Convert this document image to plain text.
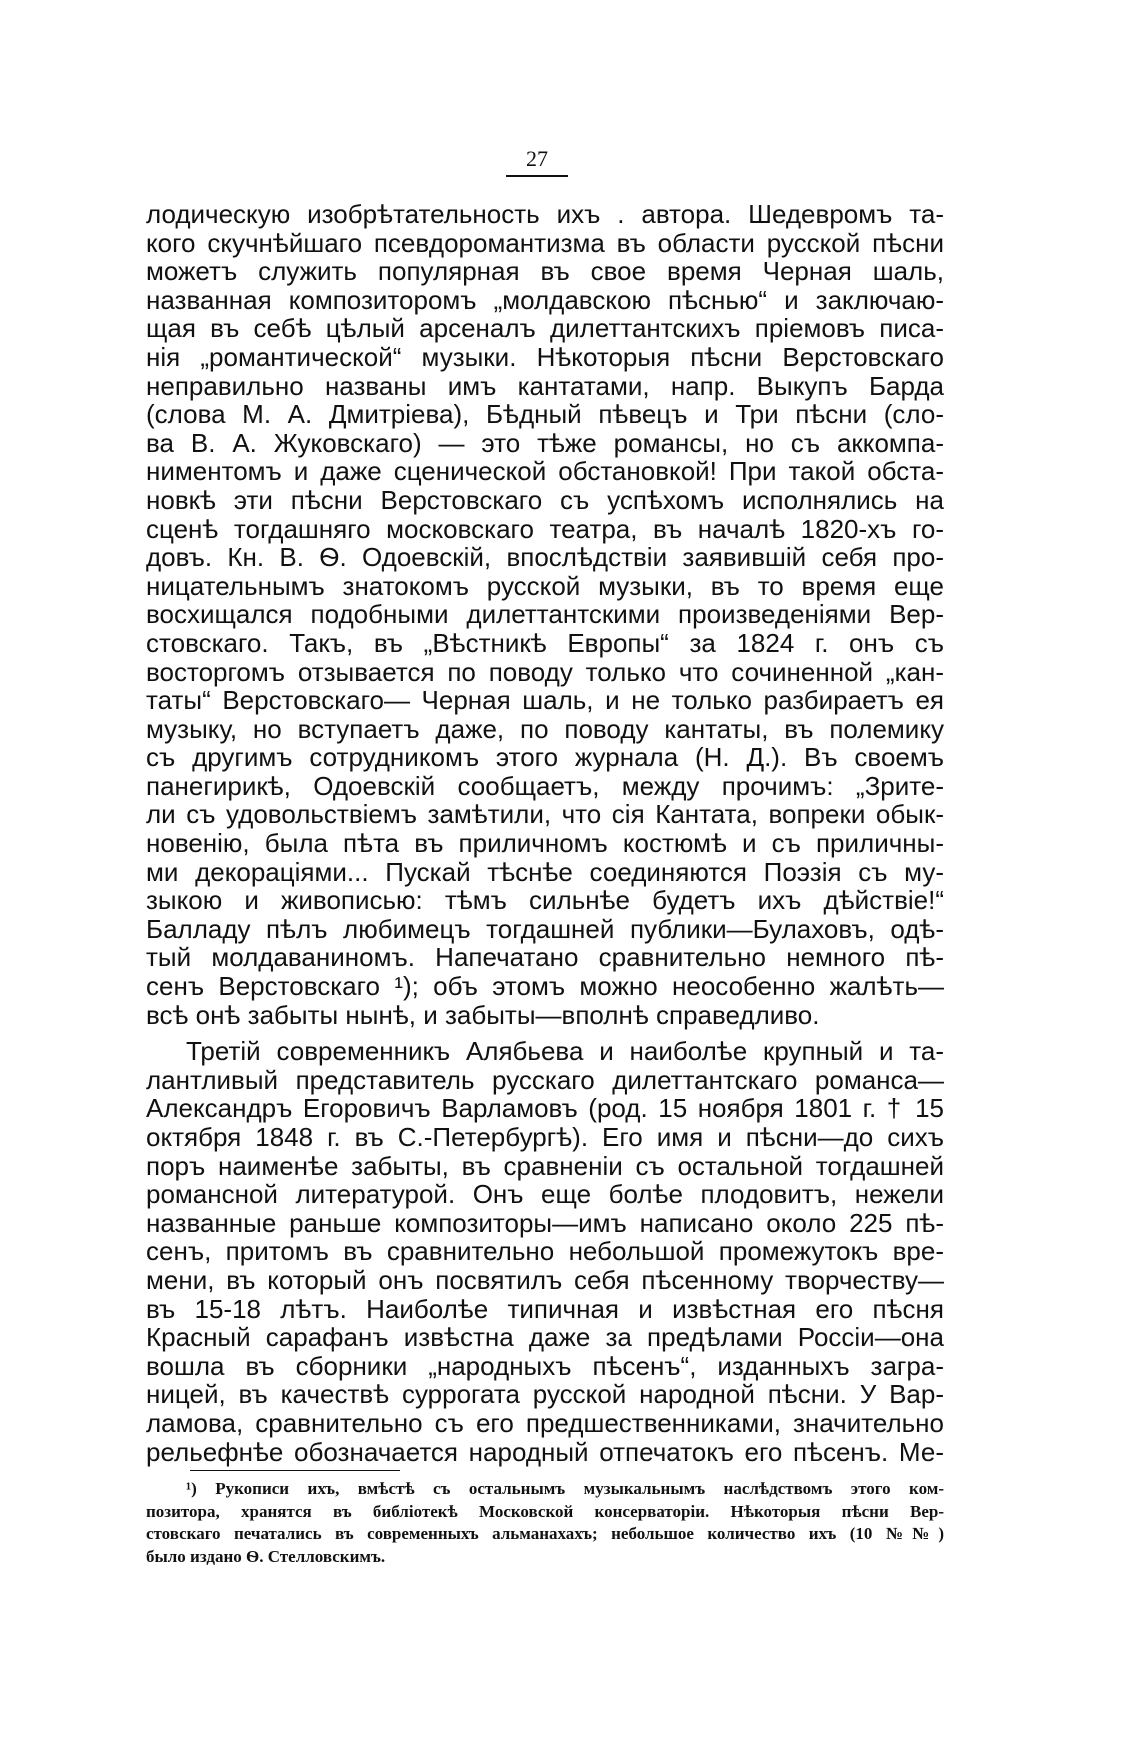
27
лодическую изобрѣтательность ихъ . автора. Шедевромъ та-
кого скучнѣйшаго псевдоромантизма въ области русской пѣсни
можетъ служить популярная въ свое время Черная шаль,
названная композиторомъ „молдавскою пѣснью“ и заключаю-
щая въ себѣ цѣлый арсеналъ дилеттантскихъ пріемовъ писа-
нія „романтической“ музыки. Нѣкоторыя пѣсни Верстовскаго
неправильно названы имъ кантатами, напр. Выкупъ Барда
(слова М. А. Дмитріева), Бѣдный пѣвецъ и Три пѣсни (сло-
ва В. А. Жуковскаго) — это тѣже романсы, но съ аккомпа-
ниментомъ и даже сценической обстановкой! При такой обста-
новкѣ эти пѣсни Верстовскаго съ успѣхомъ исполнялись на
сценѣ тогдашняго московскаго театра, въ началѣ 1820-хъ го-
довъ. Кн. В. Ѳ. Одоевскій, впослѣдствіи заявившій себя про-
ницательнымъ знатокомъ русской музыки, въ то время еще
восхищался подобными дилеттантскими произведеніями Вер-
стовскаго. Такъ, въ „Вѣстникѣ Европы“ за 1824 г. онъ съ
восторгомъ отзывается по поводу только что сочиненной „кан-
таты“ Верстовскаго— Черная шаль, и не только разбираетъ ея
музыку, но вступаетъ даже, по поводу кантаты, въ полемику
съ другимъ сотрудникомъ этого журнала (Н. Д.). Въ своемъ
панегирикѣ, Одоевскій сообщаетъ, между прочимъ: „Зрите-
ли съ удовольствіемъ замѣтили, что сія Кантата, вопреки обык-
новенію, была пѣта въ приличномъ костюмѣ и съ приличны-
ми декораціями... Пускай тѣснѣе соединяются Поэзія съ му-
зыкою и живописью: тѣмъ сильнѣе будетъ ихъ дѣйствіе!“
Балладу пѣлъ любимецъ тогдашней публики—Булаховъ, одѣ-
тый молдаваниномъ. Напечатано сравнительно немного пѣ-
сенъ Верстовскаго ¹); объ этомъ можно неособенно жалѣть—
всѣ онѣ забыты нынѣ, и забыты—вполнѣ справедливо.
Третій современникъ Алябьева и наиболѣе крупный и та-
лантливый представитель русскаго дилеттантскаго романса—
Александръ Егоровичъ Варламовъ (род. 15 ноября 1801 г. † 15
октября 1848 г. въ С.-Петербургѣ). Его имя и пѣсни—до сихъ
поръ наименѣе забыты, въ сравненіи съ остальной тогдашней
романсной литературой. Онъ еще болѣе плодовитъ, нежели
названные раньше композиторы—имъ написано около 225 пѣ-
сенъ, притомъ въ сравнительно небольшой промежутокъ вре-
мени, въ который онъ посвятилъ себя пѣсенному творчеству—
въ 15-18 лѣтъ. Наиболѣе типичная и извѣстная его пѣсня
Красный сарафанъ извѣстна даже за предѣлами Россіи—она
вошла въ сборники „народныхъ пѣсенъ“, изданныхъ загра-
ницей, въ качествѣ суррогата русской народной пѣсни. У Вар-
ламова, сравнительно съ его предшественниками, значительно
рельефнѣе обозначается народный отпечатокъ его пѣсенъ. Ме-
¹) Рукописи ихъ, вмѣстѣ съ остальнымъ музыкальнымъ наслѣдствомъ этого ком-
позитора, хранятся въ библіотекѣ Московской консерваторіи. Нѣкоторыя пѣсни Вер-
стовскаго печатались въ современныхъ альманахахъ; небольшое количество ихъ (10 №№)
было издано Ѳ. Стелловскимъ.
